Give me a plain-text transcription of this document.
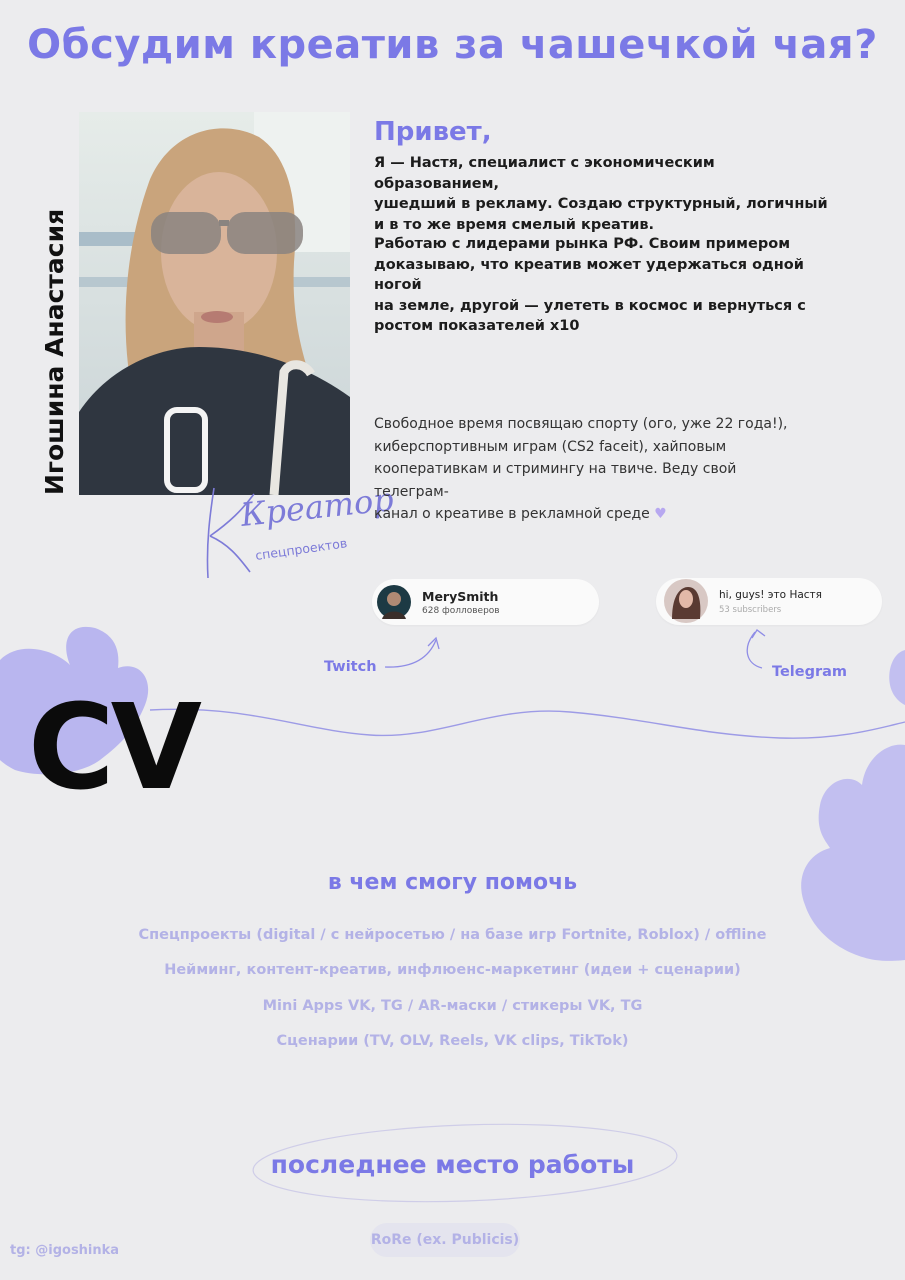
Обсудим креатив за чашечкой чая?
Игошина Анастасия
Креатор
спецпроектов
Привет,
Я — Настя, специалист с экономическим образованием,
ушедший в рекламу. Создаю структурный, логичный
и в то же время смелый креатив.
Работаю с лидерами рынка РФ. Своим примером
доказываю, что креатив может удержаться одной ногой
на земле, другой — улететь в космос и вернуться с
ростом показателей х10
Свободное время посвящаю спорту (ого, уже 22 года!),
киберспортивным играм (CS2 faceit), хайповым
кооперативкам и стримингу на твиче. Веду свой телеграм-
канал о креативе в рекламной среде ♥
MerySmith
628 фолловеров
hi, guys! это Настя
53 subscribers
Twitch	Telegram
CV
в чем смогу помочь
Спецпроекты (digital / с нейросетью / на базе игр Fortnite, Roblox) / offline
Нейминг, контент-креатив, инфлюенс-маркетинг (идеи + сценарии)
Mini Apps VK, TG / AR-маски / стикеры VK, TG
Сценарии (TV, OLV, Reels, VK clips, TikTok)
последнее место работы
RoRe (ex. Publicis)
tg: @igoshinka
